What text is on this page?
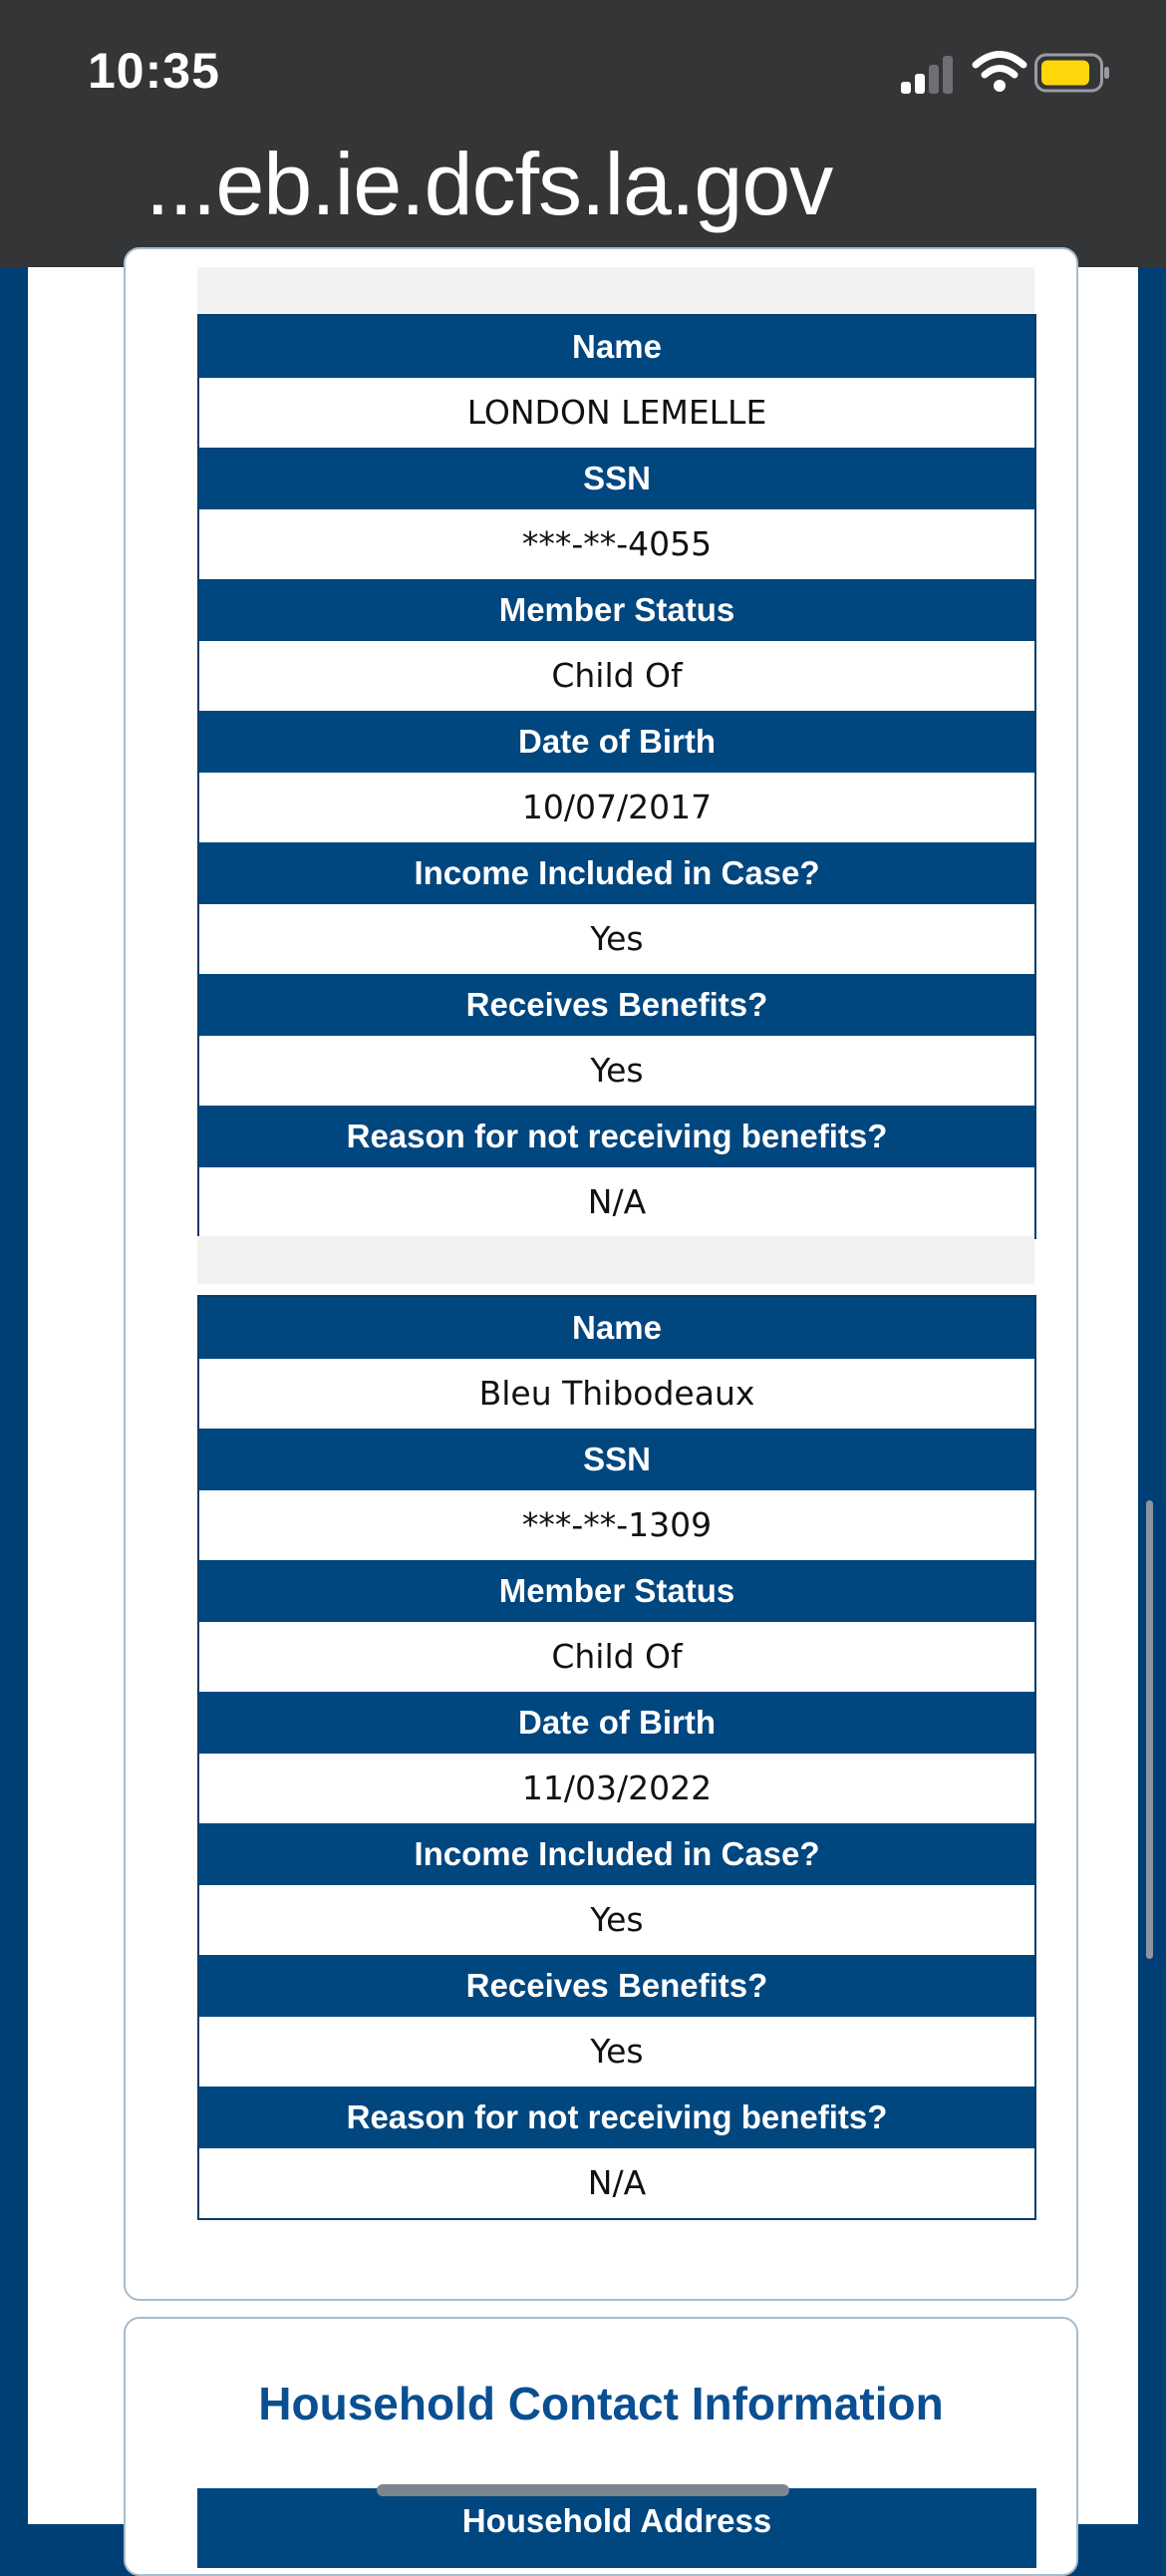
10:35
...eb.ie.dcfs.la.gov
Name
LONDON LEMELLE
SSN
***-**-4055
Member Status
Child Of
Date of Birth
10/07/2017
Income Included in Case?
Yes
Receives Benefits?
Yes
Reason for not receiving benefits?
N/A
Name
Bleu Thibodeaux
SSN
***-**-1309
Member Status
Child Of
Date of Birth
11/03/2022
Income Included in Case?
Yes
Receives Benefits?
Yes
Reason for not receiving benefits?
N/A
Household Contact Information
Household Address
